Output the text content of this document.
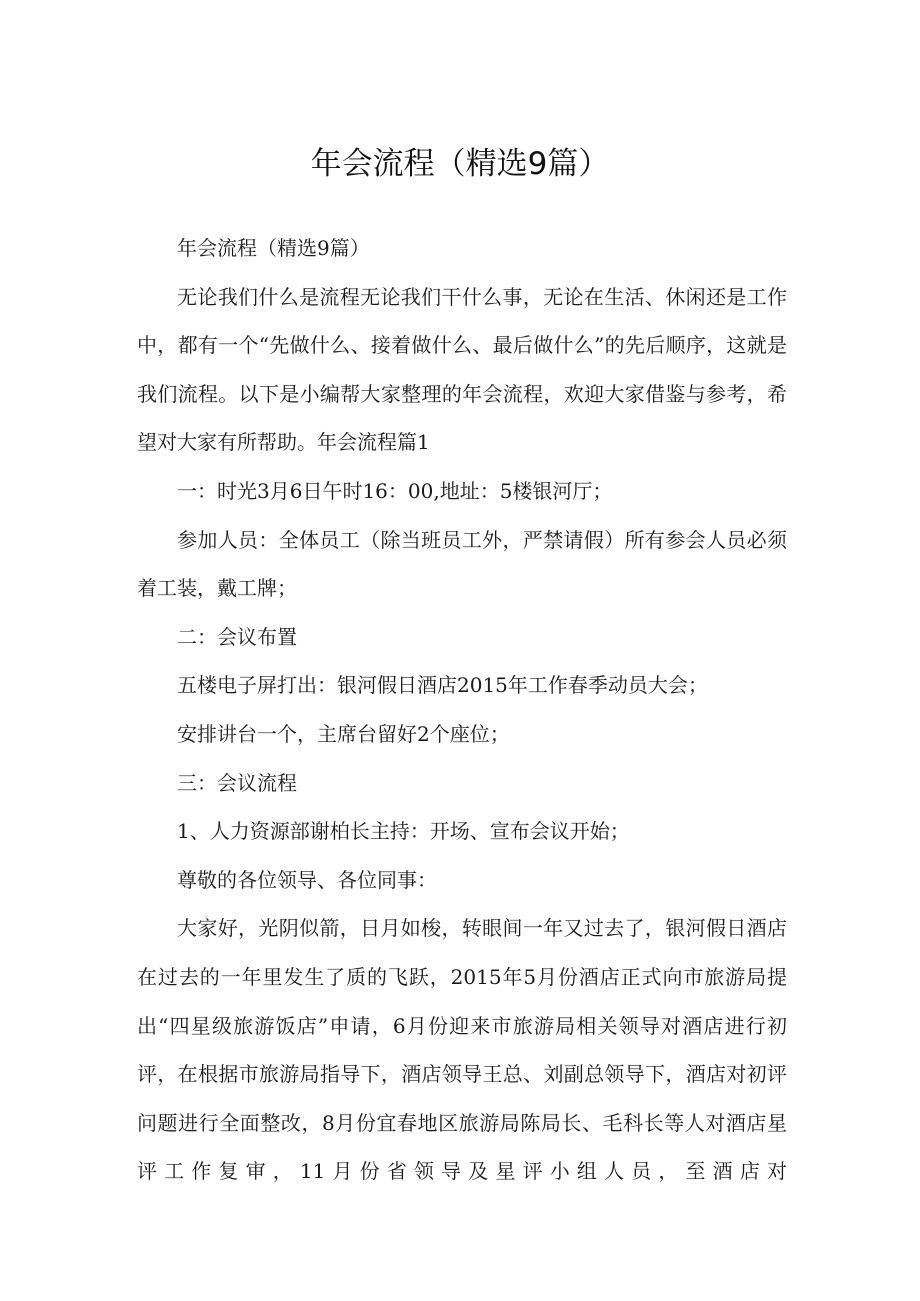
年会流程（精选9篇）

年会流程（精选9篇）

无论我们什么是流程无论我们干什么事，无论在生活、休闲还是工作中，都有一个“先做什么、接着做什么、最后做什么”的先后顺序，这就是我们流程。以下是小编帮大家整理的年会流程，欢迎大家借鉴与参考，希望对大家有所帮助。年会流程篇1

一：时光3月6日午时16：00,地址：5楼银河厅；

参加人员：全体员工（除当班员工外，严禁请假）所有参会人员必须着工装，戴工牌；

二：会议布置

五楼电子屏打出：银河假日酒店2015年工作春季动员大会；

安排讲台一个，主席台留好2个座位；

三：会议流程

1、人力资源部谢柏长主持：开场、宣布会议开始；

尊敬的各位领导、各位同事：

大家好，光阴似箭，日月如梭，转眼间一年又过去了，银河假日酒店在过去的一年里发生了质的飞跃，2015年5月份酒店正式向市旅游局提出“四星级旅游饭店”申请，6月份迎来市旅游局相关领导对酒店进行初评，在根据市旅游局指导下，酒店领导王总、刘副总领导下，酒店对初评问题进行全面整改，8月份宜春地区旅游局陈局长、毛科长等人对酒店星评工作复审，11月份省领导及星评小组人员，至酒店对
